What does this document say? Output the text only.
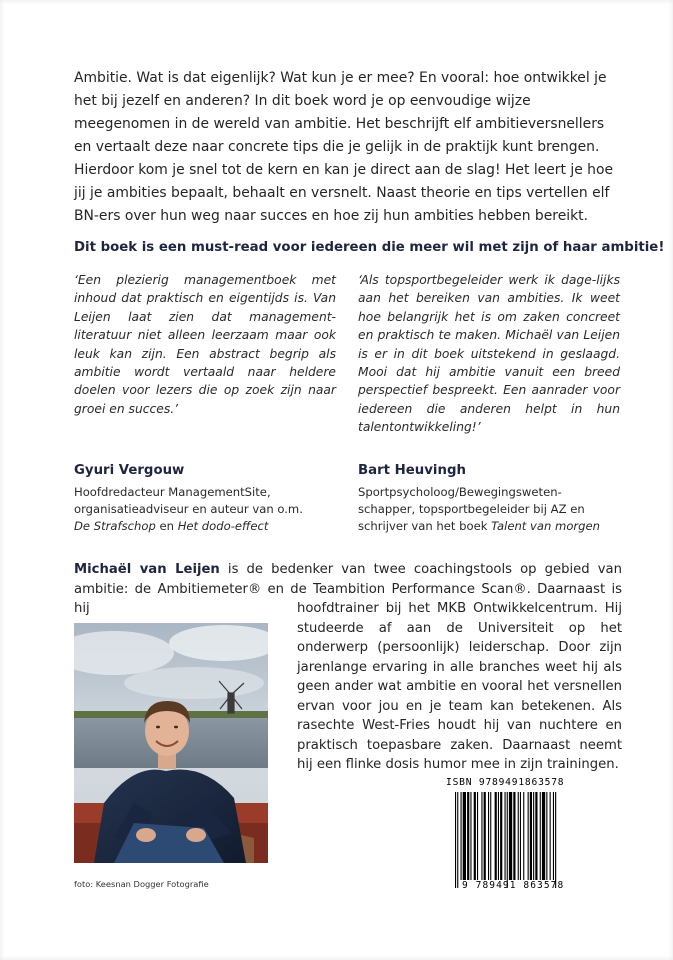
Ambitie. Wat is dat eigenlijk? Wat kun je er mee? En vooral: hoe ontwikkel je het bij jezelf en anderen? In dit boek word je op eenvoudige wijze meegenomen in de wereld van ambitie. Het beschrijft elf ambitieversnellers en vertaalt deze naar concrete tips die je gelijk in de praktijk kunt brengen. Hierdoor kom je snel tot de kern en kan je direct aan de slag! Het leert je hoe jij je ambities bepaalt, behaalt en versnelt. Naast theorie en tips vertellen elf BN-ers over hun weg naar succes en hoe zij hun ambities hebben bereikt.

Dit boek is een must-read voor iedereen die meer wil met zijn of haar ambitie!

‘Een plezierig managementboek met inhoud dat praktisch en eigentijds is. Van Leijen laat zien dat management-literatuur niet alleen leerzaam maar ook leuk kan zijn. Een abstract begrip als ambitie wordt vertaald naar heldere doelen voor lezers die op zoek zijn naar groei en succes.’

‘Als topsportbegeleider werk ik dage-lijks aan het bereiken van ambities. Ik weet hoe belangrijk het is om zaken concreet en praktisch te maken. Michaël van Leijen is er in dit boek uitstekend in geslaagd. Mooi dat hij ambitie vanuit een breed perspectief bespreekt. Een aanrader voor iedereen die anderen helpt in hun talentontwikkeling!’

Gyuri Vergouw	Bart Heuvingh

Hoofdredacteur ManagementSite,
organisatieadviseur en auteur van o.m.
De Strafschop en Het dodo-effect
Sportpsycholoog/Bewegingsweten-
schapper, topsportbegeleider bij AZ en
schrijver van het boek Talent van morgen

Michaël van Leijen is de bedenker van twee coachingstools op gebied van ambitie: de Ambitiemeter® en de Teambition Performance Scan®. Daarnaast is hij	hoofdtrainer bij het MKB Ontwikkelcentrum. Hij studeerde af aan de Universiteit op het onderwerp (persoonlijk) leiderschap. Door zijn jarenlange ervaring in alle branches weet hij als geen ander wat ambitie en vooral het versnellen ervan voor jou en je team kan betekenen. Als rasechte West-Fries houdt hij van nuchtere en praktisch toepasbare zaken. Daarnaast neemt hij een flinke dosis humor mee in zijn trainingen.

foto: Keesnan Dogger Fotografie

ISBN 9789491863578

9 789491 863578
